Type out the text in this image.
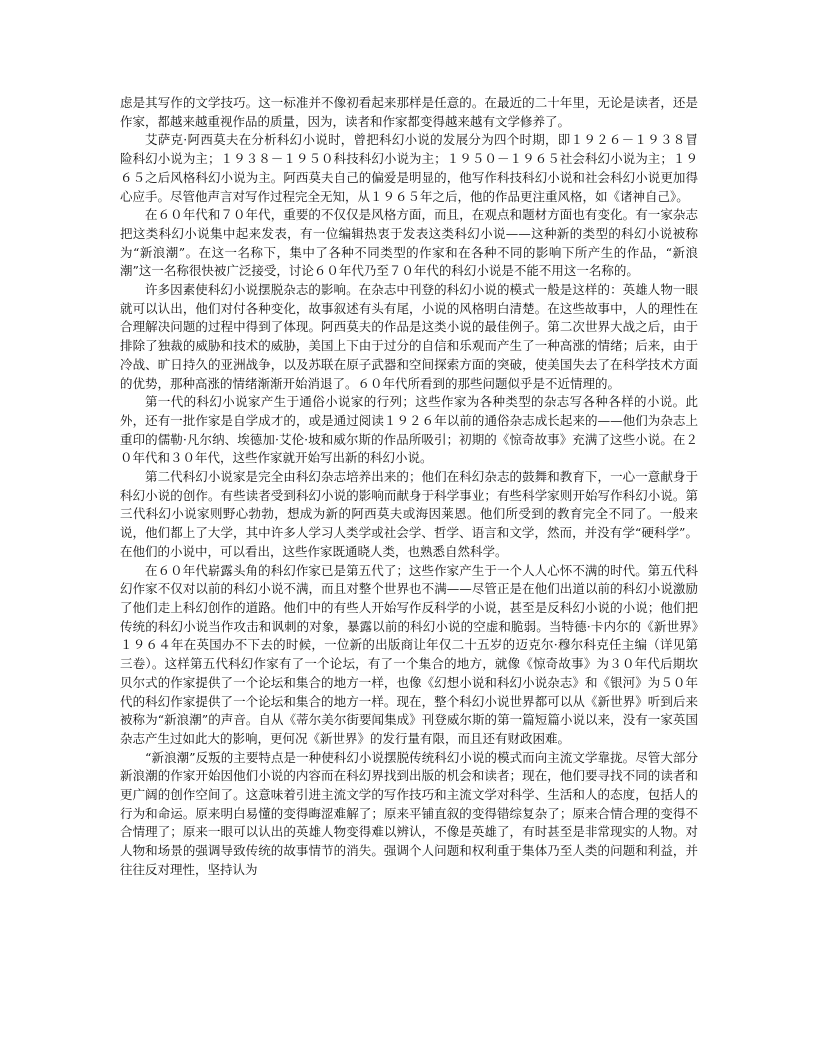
虑是其写作的文学技巧。这一标准并不像初看起来那样是任意的。在最近的二十年里，无论是读者，还是作家，都越来越重视作品的质量，因为，读者和作家都变得越来越有文学修养了。

艾萨克·阿西莫夫在分析科幻小说时，曾把科幻小说的发展分为四个时期，即１９２６－１９３８冒险科幻小说为主；１９３８－１９５０科技科幻小说为主；１９５０－１９６５社会科幻小说为主；１９６５之后风格科幻小说为主。阿西莫夫自己的偏爱是明显的，他写作科技科幻小说和社会科幻小说更加得心应手。尽管他声言对写作过程完全无知，从１９６５年之后，他的作品更注重风格，如《诸神自己》。

在６０年代和７０年代，重要的不仅仅是风格方面，而且，在观点和题材方面也有变化。有一家杂志把这类科幻小说集中起来发表，有一位编辑热衷于发表这类科幻小说——这种新的类型的科幻小说被称为“新浪潮”。在这一名称下，集中了各种不同类型的作家和在各种不同的影响下所产生的作品，“新浪潮”这一名称很快被广泛接受，讨论６０年代乃至７０年代的科幻小说是不能不用这一名称的。

许多因素使科幻小说摆脱杂志的影响。在杂志中刊登的科幻小说的模式一般是这样的：英雄人物一眼就可以认出，他们对付各种变化，故事叙述有头有尾，小说的风格明白清楚。在这些故事中，人的理性在合理解决问题的过程中得到了体现。阿西莫夫的作品是这类小说的最佳例子。第二次世界大战之后，由于排除了独裁的威胁和技术的威胁，美国上下由于过分的自信和乐观而产生了一种高涨的情绪；后来，由于冷战、旷日持久的亚洲战争，以及苏联在原子武器和空间探索方面的突破，使美国失去了在科学技术方面的优势，那种高涨的情绪渐渐开始消退了。６０年代所看到的那些问题似乎是不近情理的。

第一代的科幻小说家产生于通俗小说家的行列；这些作家为各种类型的杂志写各种各样的小说。此外，还有一批作家是自学成才的，或是通过阅读１９２６年以前的通俗杂志成长起来的——他们为杂志上重印的儒勒·凡尔纳、埃德加·艾伦·坡和威尔斯的作品所吸引；初期的《惊奇故事》充满了这些小说。在２０年代和３０年代，这些作家就开始写出新的科幻小说。

第二代科幻小说家是完全由科幻杂志培养出来的；他们在科幻杂志的鼓舞和教育下，一心一意献身于科幻小说的创作。有些读者受到科幻小说的影响而献身于科学事业；有些科学家则开始写作科幻小说。第三代科幻小说家则野心勃勃，想成为新的阿西莫夫或海因莱恩。他们所受到的教育完全不同了。一般来说，他们都上了大学，其中许多人学习人类学或社会学、哲学、语言和文学，然而，并没有学“硬科学”。在他们的小说中，可以看出，这些作家既通晓人类，也熟悉自然科学。

在６０年代崭露头角的科幻作家已是第五代了；这些作家产生于一个人人心怀不满的时代。第五代科幻作家不仅对以前的科幻小说不满，而且对整个世界也不满——尽管正是在他们出道以前的科幻小说激励了他们走上科幻创作的道路。他们中的有些人开始写作反科学的小说，甚至是反科幻小说的小说；他们把传统的科幻小说当作攻击和讽刺的对象，暴露以前的科幻小说的空虚和脆弱。当特德·卡内尔的《新世界》１９６４年在英国办不下去的时候，一位新的出版商让年仅二十五岁的迈克尔·穆尔科克任主编（详见第三卷）。这样第五代科幻作家有了一个论坛，有了一个集合的地方，就像《惊奇故事》为３０年代后期坎贝尔式的作家提供了一个论坛和集合的地方一样，也像《幻想小说和科幻小说杂志》和《银河》为５０年代的科幻作家提供了一个论坛和集合的地方一样。现在，整个科幻小说世界都可以从《新世界》听到后来被称为“新浪潮”的声音。自从《蒂尔美尔街要闻集成》刊登威尔斯的第一篇短篇小说以来，没有一家英国杂志产生过如此大的影响，更何况《新世界》的发行量有限，而且还有财政困难。

“新浪潮”反叛的主要特点是一种使科幻小说摆脱传统科幻小说的模式而向主流文学靠拢。尽管大部分新浪潮的作家开始因他们小说的内容而在科幻界找到出版的机会和读者；现在，他们要寻找不同的读者和更广阔的创作空间了。这意味着引进主流文学的写作技巧和主流文学对科学、生活和人的态度，包括人的行为和命运。原来明白易懂的变得晦涩难解了；原来平铺直叙的变得错综复杂了；原来合情合理的变得不合情理了；原来一眼可以认出的英雄人物变得难以辨认，不像是英雄了，有时甚至是非常现实的人物。对人物和场景的强调导致传统的故事情节的消失。强调个人问题和权利重于集体乃至人类的问题和利益，并往往反对理性，坚持认为
